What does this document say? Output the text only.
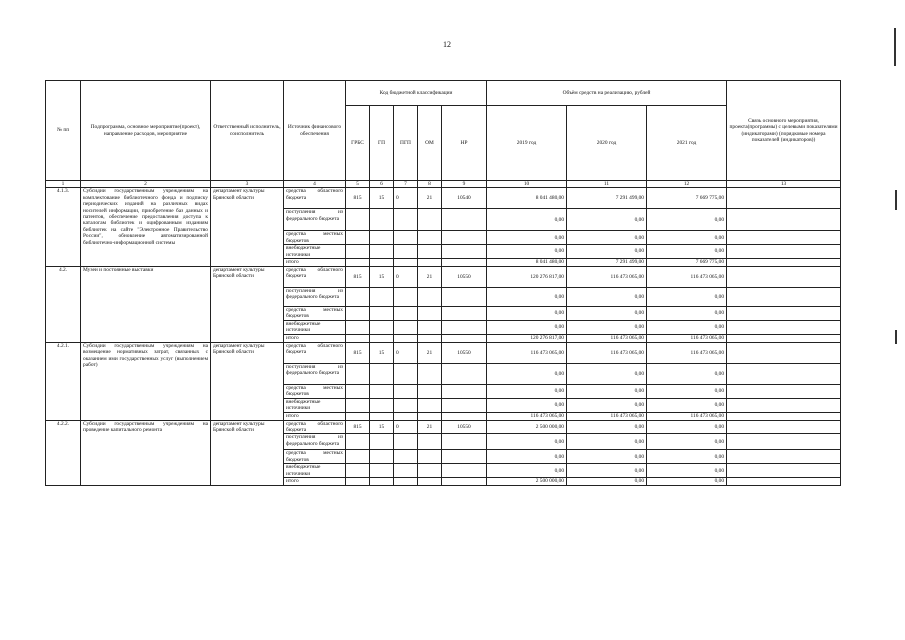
12
№ пп	Подпрограмма, основное мероприятие(проект), направление расходов, мероприятие	Ответственный исполнитель, соисполнитель	Источник финансового обеспечения	Код бюджетной классификации					Объём средств на реализацию, рублей			Связь основного мероприятия, проекта(программы) с целевыми показателями (индикаторами) (порядковые номера показателей (индикаторов))
				ГРБС	ГП	ПГП	ОМ	НР	2019 год	2020 год	2021 год	
1	2	3	4	5	6	7	8	9	10	11	12	13
4.1.3.	Субсидии государственным учреждениям на комплектование библиотечного фонда и подписку периодических изданий на различных видах носителей информации, приобретение баз данных и патентов, обеспечение предоставления доступа к каталогам библиотек и оцифрованным изданиям библиотек на сайте "Электронное Правительство России", обновление автоматизированной библиотечно-информационной системы	департамент культуры Брянской области	средства областного бюджета	815	15	0	21	10540	8 041 480,00	7 291 499,00	7 669 775,00	
			поступления из федерального бюджета						0,00	0,00	0,00	
			средства местных бюджетов						0,00	0,00	0,00	
			внебюджетные источники						0,00	0,00	0,00	
			итого						8 041 480,00	7 291 499,00	7 669 775,00	
4.2.	Музеи и постоянные выставки	департамент культуры Брянской области	средства областного бюджета	815	15	0	21	10550	120 276 817,00	116 473 065,00	116 473 065,00	
			поступления из федерального бюджета						0,00	0,00	0,00	
			средства местных бюджетов						0,00	0,00	0,00	
			внебюджетные источники						0,00	0,00	0,00	
			итого						120 276 817,00	116 473 065,00	116 473 065,00	
4.2.1.	Субсидии государственным учреждениям на возмещение нормативных затрат, связанных с оказанием ими государственных услуг (выполнением работ)	департамент культуры Брянской области	средства областного бюджета	815	15	0	21	10550	116 473 065,00	116 473 065,00	116 473 065,00	
			поступления из федерального бюджета						0,00	0,00	0,00	
			средства местных бюджетов						0,00	0,00	0,00	
			внебюджетные источники						0,00	0,00	0,00	
			итого						116 473 065,00	116 473 065,00	116 473 065,00	
4.2.2.	Субсидии государственным учреждениям на проведение капитального ремонта	департамент культуры Брянской области	средства областного бюджета	815	15	0	21	10550	2 500 000,00	0,00	0,00	
			поступления из федерального бюджета						0,00	0,00	0,00	
			средства местных бюджетов						0,00	0,00	0,00	
			внебюджетные источники						0,00	0,00	0,00	
			итого						2 500 000,00	0,00	0,00	
